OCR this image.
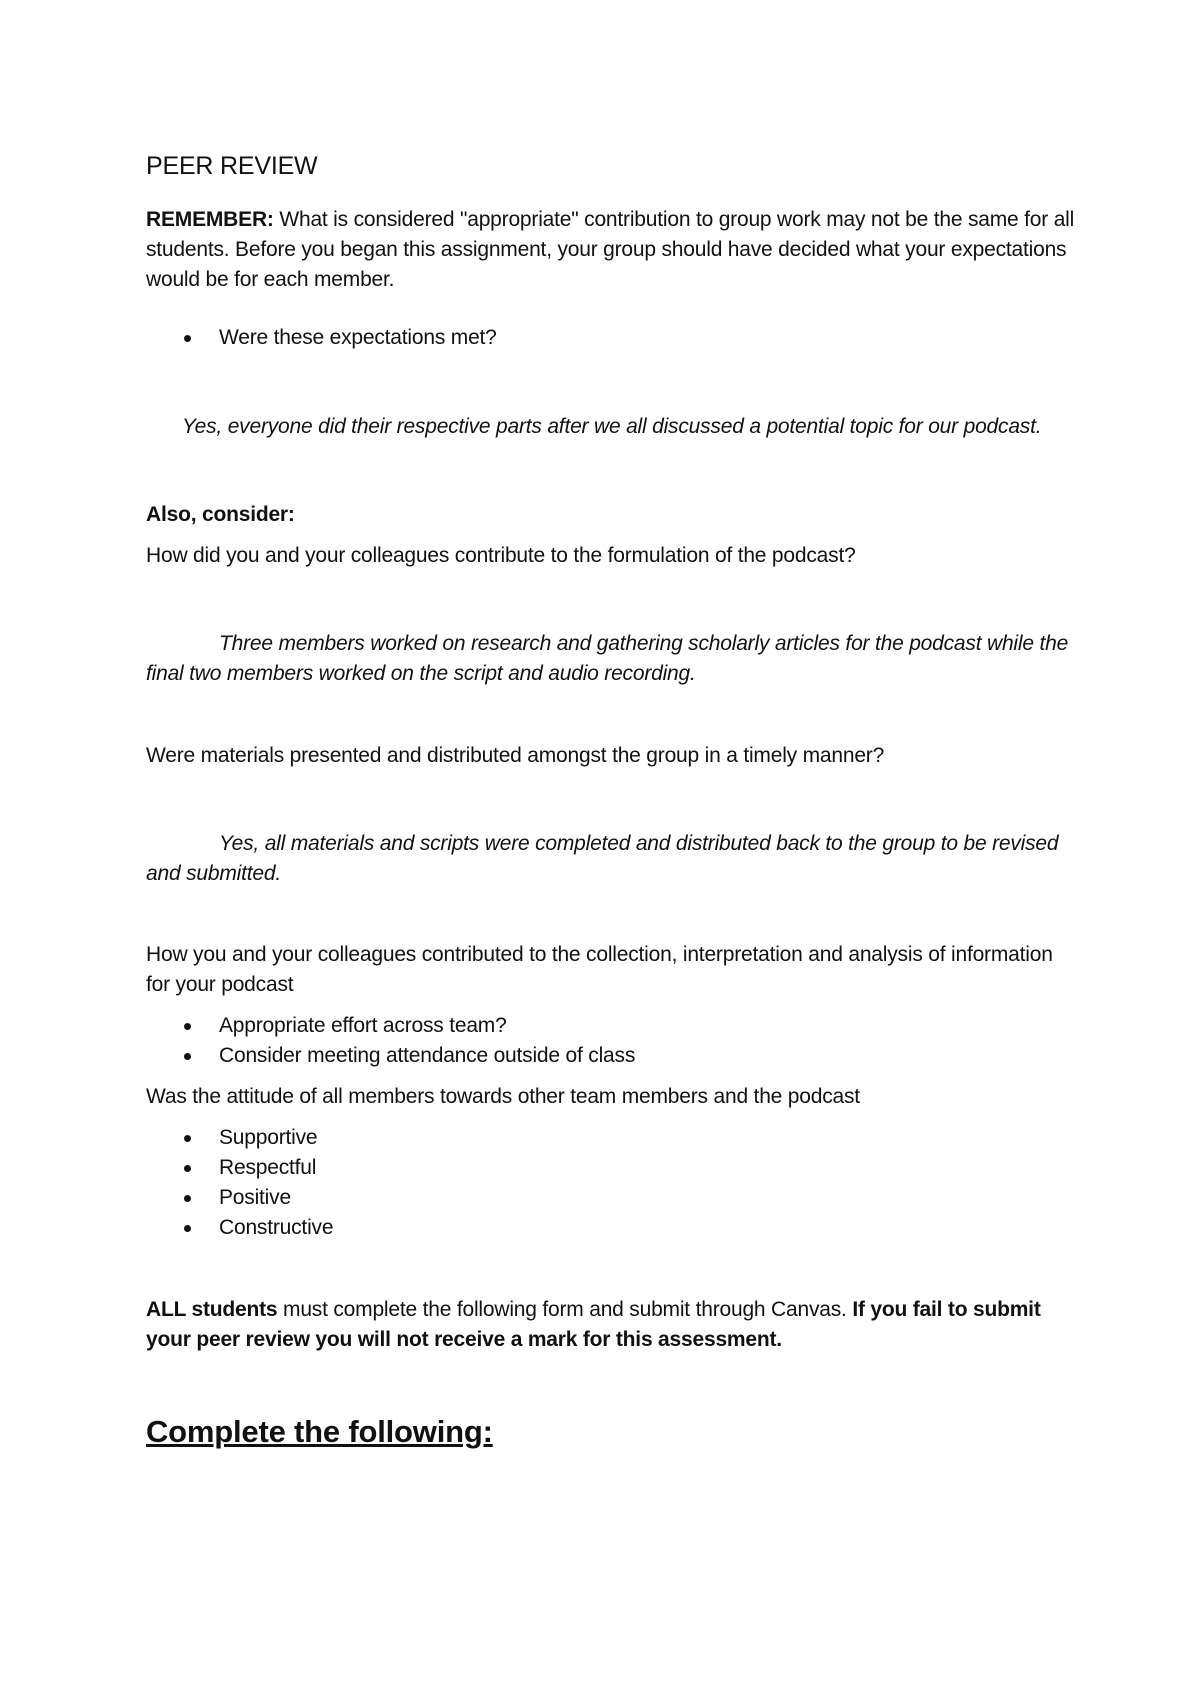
PEER REVIEW

REMEMBER: What is considered "appropriate" contribution to group work may not be the same for all students. Before you began this assignment, your group should have decided what your expectations would be for each member.

Were these expectations met?

Yes, everyone did their respective parts after we all discussed a potential topic for our podcast.

Also, consider:

How did you and your colleagues contribute to the formulation of the podcast?

Three members worked on research and gathering scholarly articles for the podcast while the final two members worked on the script and audio recording.

Were materials presented and distributed amongst the group in a timely manner?

Yes, all materials and scripts were completed and distributed back to the group to be revised and submitted.

How you and your colleagues contributed to the collection, interpretation and analysis of information for your podcast

Appropriate effort across team?
Consider meeting attendance outside of class

Was the attitude of all members towards other team members and the podcast

Supportive
Respectful
Positive
Constructive

ALL students must complete the following form and submit through Canvas. If you fail to submit your peer review you will not receive a mark for this assessment.

Complete the following:
